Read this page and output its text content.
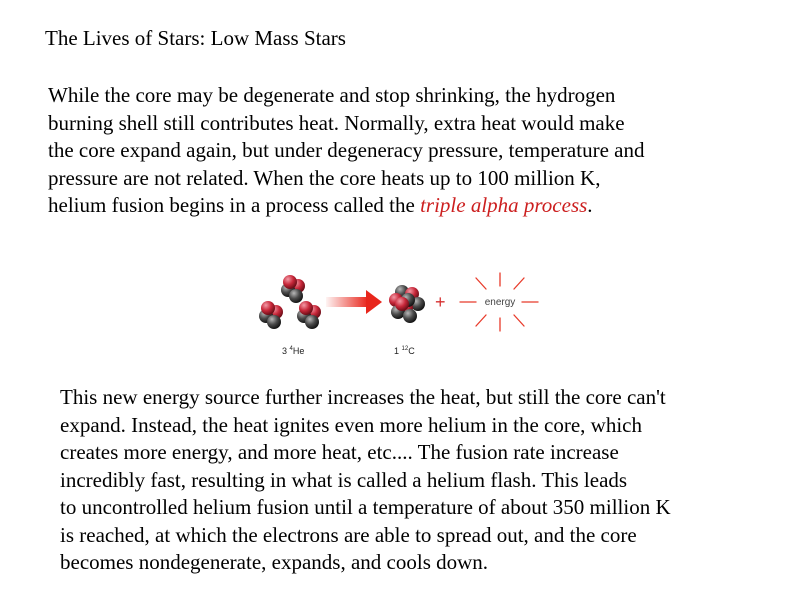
The Lives of Stars: Low Mass Stars
While the core may be degenerate and stop shrinking, the hydrogen
burning shell still contributes heat. Normally, extra heat would make
the core expand again, but under degeneracy pressure, temperature and
pressure are not related. When the core heats up to 100 million K,
helium fusion begins in a process called the triple alpha process.
+	energy
3 $^4$He	1 $^{12}$C
This new energy source further increases the heat, but still the core can't
expand. Instead, the heat ignites even more helium in the core, which
creates more energy, and more heat, etc.... The fusion rate increase
incredibly fast, resulting in what is called a helium flash. This leads
to uncontrolled helium fusion until a temperature of about 350 million K
is reached, at which the electrons are able to spread out, and the core
becomes nondegenerate, expands, and cools down.
